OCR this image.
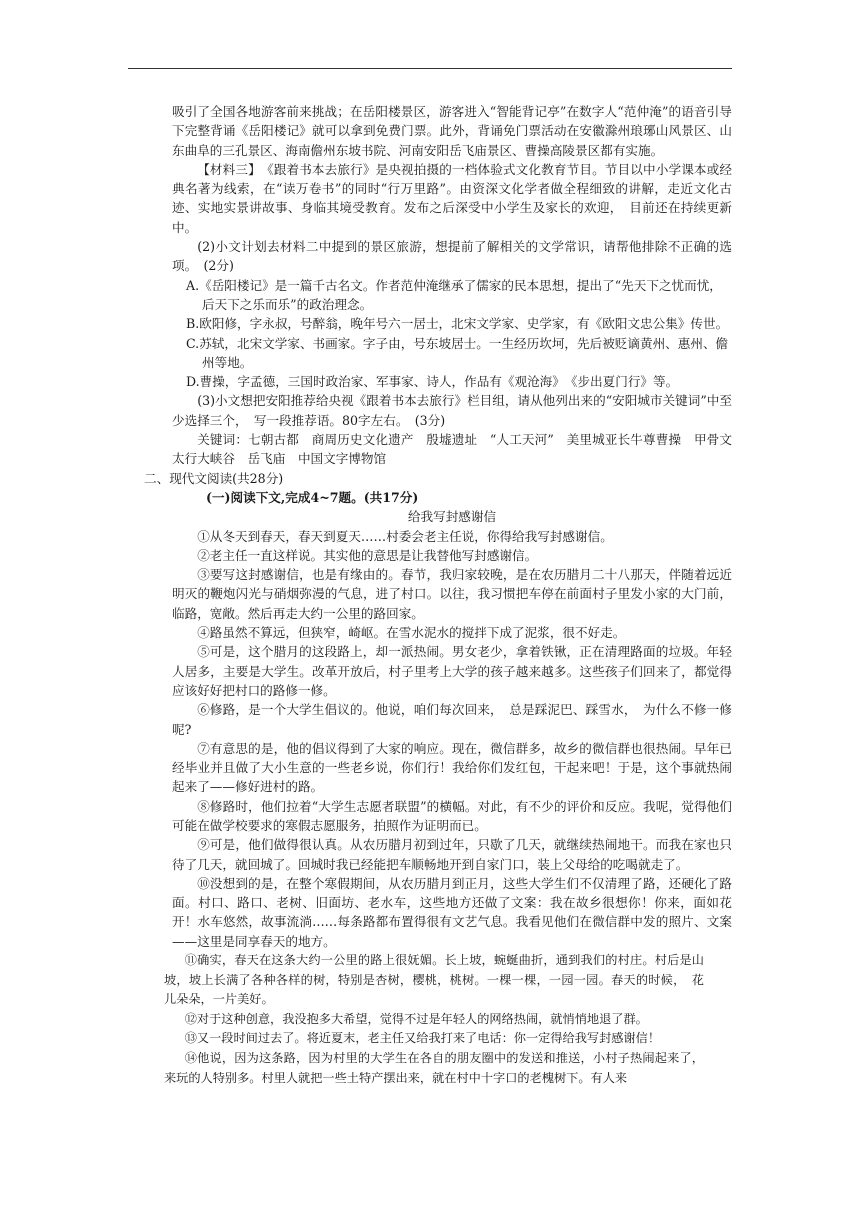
吸引了全国各地游客前来挑战；在岳阳楼景区，游客进入“智能背记亭”在数字人“范仲淹”的语音引导下完整背诵《岳阳楼记》就可以拿到免费门票。此外，背诵免门票活动在安徽滁州琅琊山风景区、山东曲阜的三孔景区、海南儋州东坡书院、河南安阳岳飞庙景区、曹操高陵景区都有实施。

【材料三】　《跟着书本去旅行》是央视拍摄的一档体验式文化教育节目。节目以中小学课本或经典名著为线索，在“读万卷书”的同时“行万里路”。由资深文化学者做全程细致的讲解，走近文化古迹、实地实景讲故事、身临其境受教育。发布之后深受中小学生及家长的欢迎，　目前还在持续更新中。

(2)小文计划去材料二中提到的景区旅游，想提前了解相关的文学常识，请帮他排除不正确的选项。　(2分)

A.《岳阳楼记》是一篇千古名文。作者范仲淹继承了儒家的民本思想，提出了“先天下之忧而忧，后天下之乐而乐”的政治理念。

B.欧阳修，字永叔，号醉翁，晚年号六一居士，北宋文学家、史学家，有《欧阳文忠公集》传世。

C.苏轼，北宋文学家、书画家。字子由，号东坡居士。一生经历坎坷，先后被贬谪黄州、惠州、儋州等地。

D.曹操，字孟德，三国时政治家、军事家、诗人，作品有《观沧海》　《步出夏门行》等。

(3)小文想把安阳推荐给央视《跟着书本去旅行》栏目组，请从他列出来的“安阳城市关键词”中至少选择三个，　写一段推荐语。80字左右。　(3分)

关键词：七朝古都　商周历史文化遗产　殷墟遗址　“人工天河”　美里城亚长牛尊曹操　甲骨文　太行大峡谷　岳飞庙　中国文字博物馆

二、现代文阅读(共28分)

(一)阅读下文,完成4~7题。(共17分)

给我写封感谢信

①从冬天到春天，春天到夏天……村委会老主任说，你得给我写封感谢信。

②老主任一直这样说。其实他的意思是让我替他写封感谢信。

③要写这封感谢信，也是有缘由的。春节，我归家较晚，是在农历腊月二十八那天，伴随着远近明灭的鞭炮闪光与硝烟弥漫的气息，进了村口。以往，我习惯把车停在前面村子里发小家的大门前，临路，宽敞。然后再走大约一公里的路回家。

④路虽然不算远，但狭窄，崎岖。在雪水泥水的搅拌下成了泥浆，很不好走。

⑤可是，这个腊月的这段路上，却一派热闹。男女老少，拿着铁锹，正在清理路面的垃圾。年轻人居多，主要是大学生。改革开放后，村子里考上大学的孩子越来越多。这些孩子们回来了，都觉得应该好好把村口的路修一修。

⑥修路，是一个大学生倡议的。他说，咱们每次回来，　总是踩泥巴、踩雪水，　为什么不修一修呢?

⑦有意思的是，他的倡议得到了大家的响应。现在，微信群多，故乡的微信群也很热闹。早年已经毕业并且做了大小生意的一些老乡说，你们行！我给你们发红包，干起来吧！于是，这个事就热闹起来了——修好进村的路。

⑧修路时，他们拉着“大学生志愿者联盟”的横幅。对此，有不少的评价和反应。我呢，觉得他们可能在做学校要求的寒假志愿服务，拍照作为证明而已。

⑨可是，他们做得很认真。从农历腊月初到过年，只歇了几天，就继续热闹地干。而我在家也只待了几天，就回城了。回城时我已经能把车顺畅地开到自家门口，装上父母给的吃喝就走了。

⑩没想到的是，在整个寒假期间，从农历腊月到正月，这些大学生们不仅清理了路，还硬化了路面。村口、路口、老树、旧面坊、老水车，这些地方还做了文案：我在故乡很想你！你来，面如花开！水车悠然，故事流淌……每条路都布置得很有文艺气息。我看见他们在微信群中发的照片、文案——这里是同享春天的地方。

⑪确实，春天在这条大约一公里的路上很妩媚。长上坡，蜿蜒曲折，通到我们的村庄。村后是山坡，坡上长满了各种各样的树，特别是杏树，樱桃，桃树。一棵一棵，一园一园。春天的时候，　花儿朵朵，一片美好。

⑫对于这种创意，我没抱多大希望，觉得不过是年轻人的网络热闹，就悄悄地退了群。

⑬又一段时间过去了。将近夏末，老主任又给我打来了电话：你一定得给我写封感谢信！

⑭他说，因为这条路，因为村里的大学生在各自的朋友圈中的发送和推送，小村子热闹起来了，来玩的人特别多。村里人就把一些土特产摆出来，就在村中十字口的老槐树下。有人来
